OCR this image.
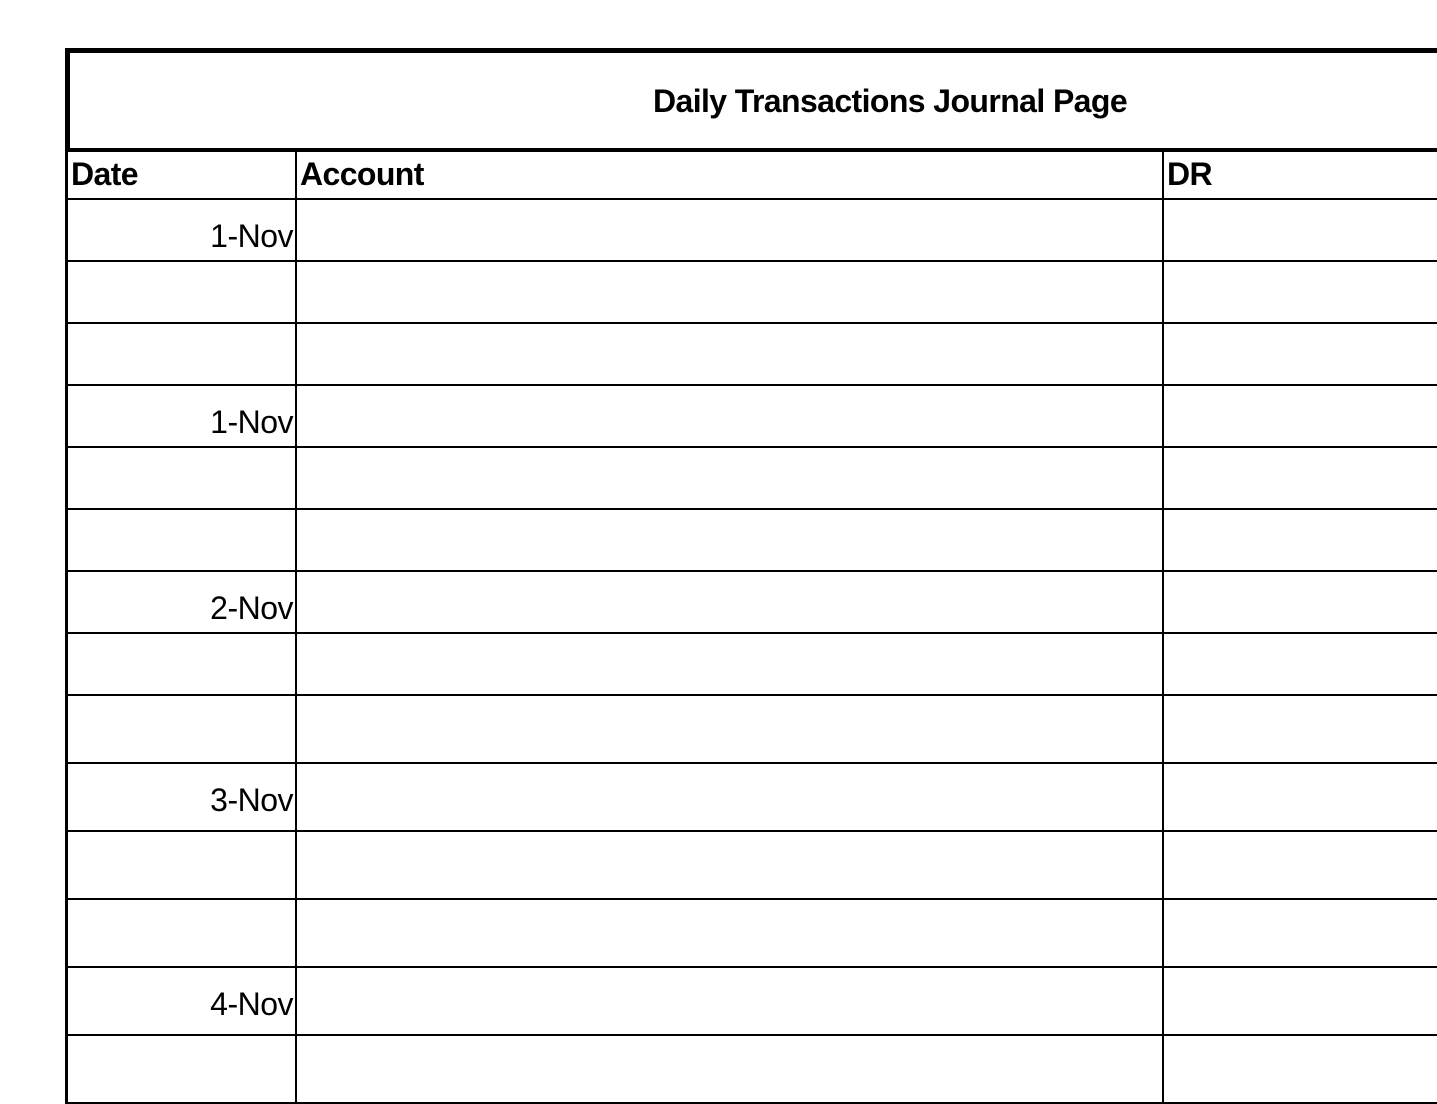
Daily Transactions Journal Page
Date	Account	DR
1-Nov
1-Nov
2-Nov
3-Nov
4-Nov
